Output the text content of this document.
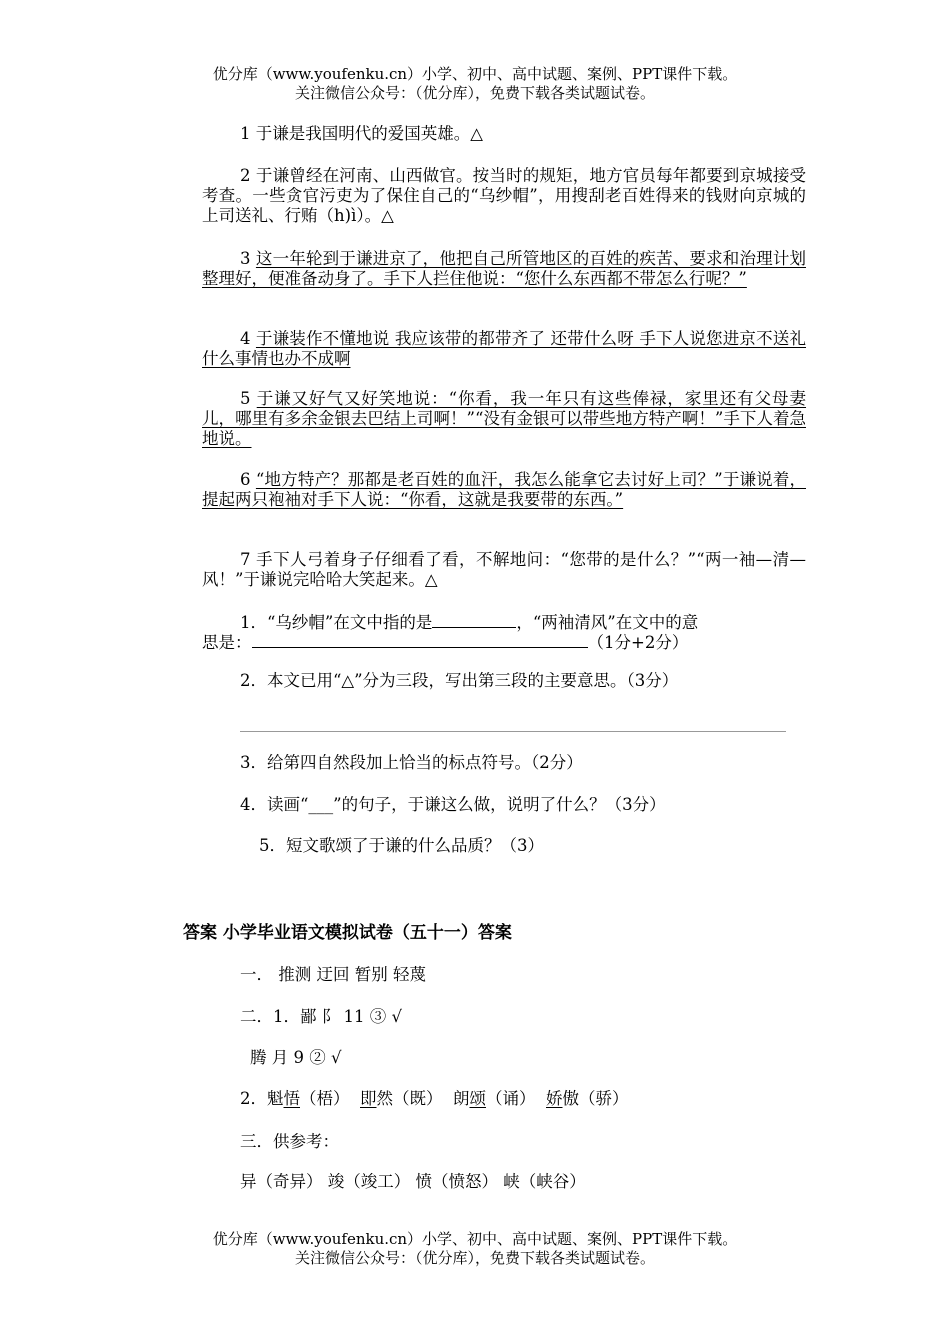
优分库（www.youfenku.cn）小学、初中、高中试题、案例、PPT课件下载。
关注微信公众号：（优分库），免费下载各类试题试卷。
1 于谦是我国明代的爱国英雄。△
2 于谦曾经在河南、山西做官。按当时的规矩，地方官员每年都要到京城接受考查。一些贪官污吏为了保住自己的“乌纱帽”，用搜刮老百姓得来的钱财向京城的上司送礼、行贿（h)ì）。△
3 这一年轮到于谦进京了，他把自己所管地区的百姓的疾苦、要求和治理计划整理好，便准备动身了。手下人拦住他说：“您什么东西都不带怎么行呢？”
4 于谦装作不懂地说 我应该带的都带齐了 还带什么呀 手下人说您进京不送礼 什么事情也办不成啊
5 于谦又好气又好笑地说：“你看，我一年只有这些俸禄，家里还有父母妻儿，哪里有多余金银去巴结上司啊！”“没有金银可以带些地方特产啊！”手下人着急地说。
6 “地方特产？那都是老百姓的血汗，我怎么能拿它去讨好上司？”于谦说着，提起两只袍袖对手下人说：“你看，这就是我要带的东西。”
7 手下人弓着身子仔细看了看，不解地问：“您带的是什么？”“两一袖—清—风！”于谦说完哈哈大笑起来。△
1．“乌纱帽”在文中指的是	，“两袖清风”在文中的意
思是：	（1分+2分）
2．本文已用“△”分为三段，写出第三段的主要意思。（3分）
3．给第四自然段加上恰当的标点符号。（2分）
4．读画“___”的句子，于谦这么做，说明了什么？（3分）
5．短文歌颂了于谦的什么品质？（3）
答案 小学毕业语文模拟试卷（五十一）答案
一． 推测 迂回 暂别 轻蔑
二．1．鄙 阝 11 ③ √
腾 月 9 ② √
2．魁悟（梧）  即然（既）  朗颂（诵）  娇傲（骄）
三．供参考：
异（奇异） 竣（竣工） 愤（愤怒） 峡（峡谷）
优分库（www.youfenku.cn）小学、初中、高中试题、案例、PPT课件下载。
关注微信公众号：（优分库），免费下载各类试题试卷。
